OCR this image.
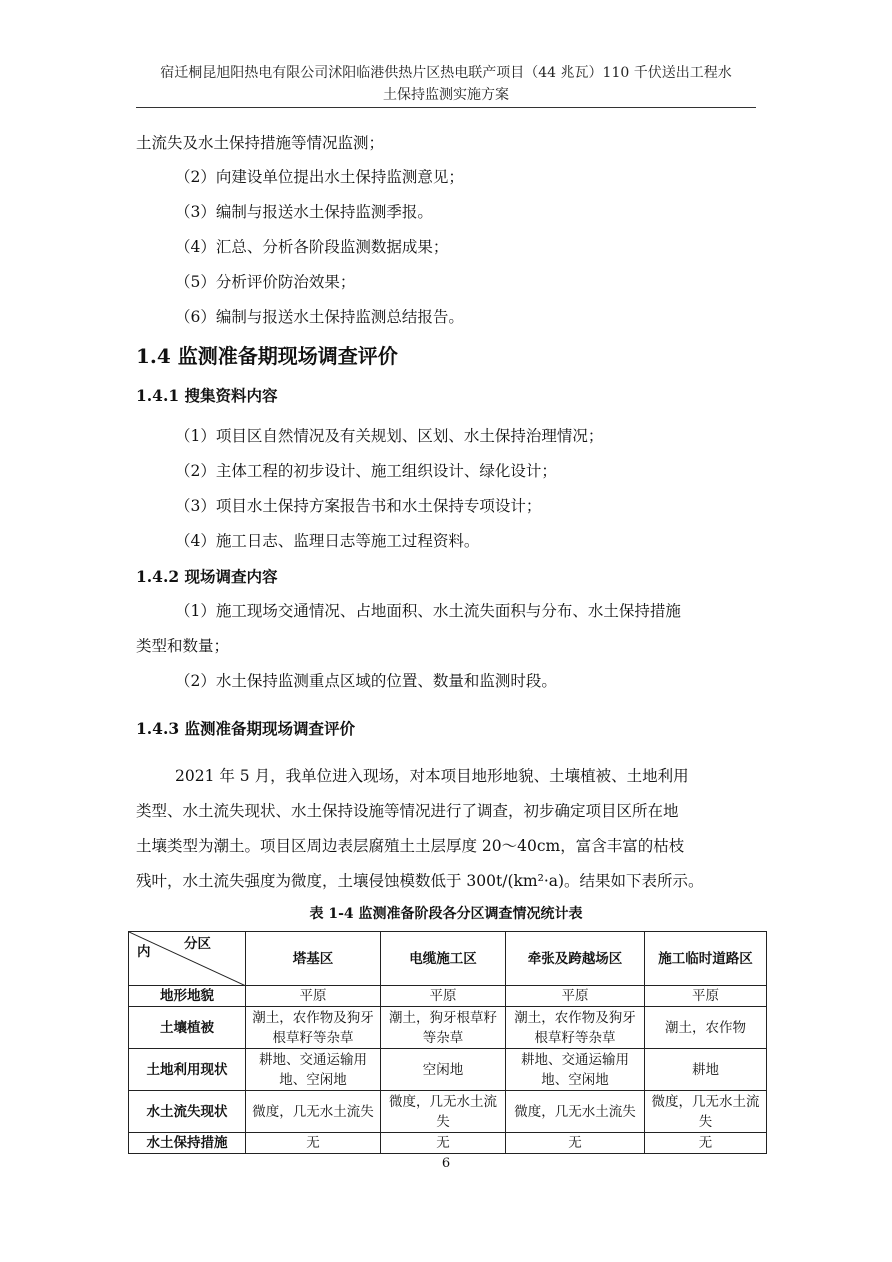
宿迁桐昆旭阳热电有限公司沭阳临港供热片区热电联产项目（44 兆瓦）110 千伏送出工程水
土保持监测实施方案
土流失及水土保持措施等情况监测；
（2）向建设单位提出水土保持监测意见；
（3）编制与报送水土保持监测季报。
（4）汇总、分析各阶段监测数据成果；
（5）分析评价防治效果；
（6）编制与报送水土保持监测总结报告。
1.4 监测准备期现场调查评价
1.4.1 搜集资料内容
（1）项目区自然情况及有关规划、区划、水土保持治理情况；
（2）主体工程的初步设计、施工组织设计、绿化设计；
（3）项目水土保持方案报告书和水土保持专项设计；
（4）施工日志、监理日志等施工过程资料。
1.4.2 现场调查内容
（1）施工现场交通情况、占地面积、水土流失面积与分布、水土保持措施
类型和数量；
（2）水土保持监测重点区域的位置、数量和监测时段。
1.4.3 监测准备期现场调查评价
2021 年 5 月，我单位进入现场，对本项目地形地貌、土壤植被、土地利用
类型、水土流失现状、水土保持设施等情况进行了调查，初步确定项目区所在地
土壤类型为潮土。项目区周边表层腐殖土土层厚度 20～40cm，富含丰富的枯枝
残叶，水土流失强度为微度，土壤侵蚀模数低于 300t/(km²·a)。结果如下表所示。
表 1-4 监测准备阶段各分区调查情况统计表
分区
内	塔基区	电缆施工区	牵张及跨越场区	施工临时道路区
地形地貌	平原	平原	平原	平原
土壤植被	潮土，农作物及狗牙根草籽等杂草	潮土，狗牙根草籽等杂草	潮土，农作物及狗牙根草籽等杂草	潮土，农作物
土地利用现状	耕地、交通运输用地、空闲地	空闲地	耕地、交通运输用地、空闲地	耕地
水土流失现状	微度，几无水土流失	微度，几无水土流失	微度，几无水土流失	微度，几无水土流失
水土保持措施	无	无	无	无
6
